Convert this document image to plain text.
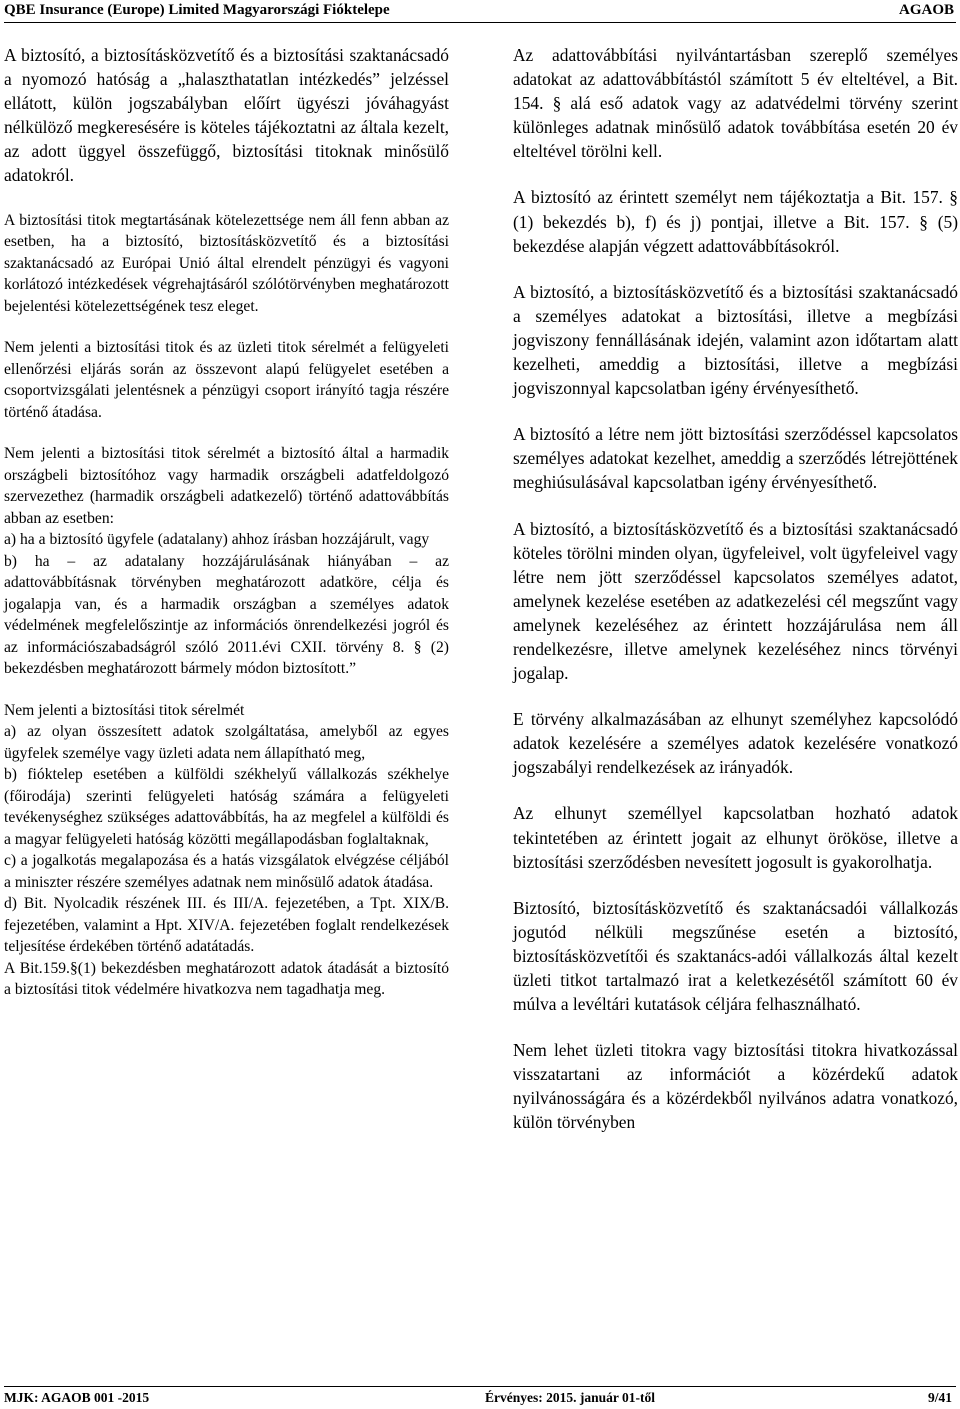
QBE Insurance (Europe) Limited Magyarországi Fióktelepe	AGAOB

A biztosító, a biztosításközvetítő és a biztosítási szaktanácsadó a nyomozó hatóság a „halaszthatatlan intézkedés” jelzéssel ellátott, külön jogszabályban előírt ügyészi jóváhagyást nélkülöző megkeresésére is köteles tájékoztatni az általa kezelt, az adott üggyel összefüggő, biztosítási titoknak minősülő adatokról.

A biztosítási titok megtartásának kötelezettsége nem áll fenn abban az esetben, ha a biztosító, biztosításközvetítő és a biztosítási szaktanácsadó az Európai Unió által elrendelt pénzügyi és vagyoni korlátozó intézkedések végrehajtásáról szólótörvényben meghatározott bejelentési kötelezettségének tesz eleget.

Nem jelenti a biztosítási titok és az üzleti titok sérelmét a felügyeleti ellenőrzési eljárás során az összevont alapú felügyelet esetében a csoportvizsgálati jelentésnek a pénzügyi csoport irányító tagja részére történő átadása.

Nem jelenti a biztosítási titok sérelmét a biztosító által a harmadik országbeli biztosítóhoz vagy harmadik országbeli adatfeldolgozó szervezethez (harmadik országbeli adatkezelő) történő adattovábbítás abban az esetben:
a) ha a biztosító ügyfele (adatalany) ahhoz írásban hozzájárult, vagy
b) ha – az adatalany hozzájárulásának hiányában – az adattovábbításnak törvényben meghatározott adatköre, célja és jogalapja van, és a harmadik országban a személyes adatok védelmének megfelelőszintje az információs önrendelkezési jogról és az információszabadságról szóló 2011.évi CXII. törvény 8. § (2) bekezdésben meghatározott bármely módon biztosított.”

Nem jelenti a biztosítási titok sérelmét
a) az olyan összesített adatok szolgáltatása, amelyből az egyes ügyfelek személye vagy üzleti adata nem állapítható meg,
b) fióktelep esetében a külföldi székhelyű vállalkozás székhelye (főirodája) szerinti felügyeleti hatóság számára a felügyeleti tevékenységhez szükséges adattovábbítás, ha az megfelel a külföldi és a magyar felügyeleti hatóság közötti megállapodásban foglaltaknak,
c) a jogalkotás megalapozása és a hatás vizsgálatok elvégzése céljából a miniszter részére személyes adatnak nem minősülő adatok átadása.
d) Bit. Nyolcadik részének III. és III/A. fejezetében, a Tpt. XIX/B. fejezetében, valamint a Hpt. XIV/A. fejezetében foglalt rendelkezések teljesítése érdekében történő adatátadás.
A Bit.159.§(1) bekezdésben meghatározott adatok átadását a biztosító a biztosítási titok védelmére hivatkozva nem tagadhatja meg.

Az adattovábbítási nyilvántartásban szereplő személyes adatokat az adattovábbítástól számított 5 év elteltével, a Bit. 154. § alá eső adatok vagy az adatvédelmi törvény szerint különleges adatnak minősülő adatok továbbítása esetén 20 év elteltével törölni kell.

A biztosító az érintett személyt nem tájékoztatja a Bit. 157. § (1) bekezdés b), f) és j) pontjai, illetve a Bit. 157. § (5) bekezdése alapján végzett adattovábbításokról.

A biztosító, a biztosításközvetítő és a biztosítási szaktanácsadó a személyes adatokat a biztosítási, illetve a megbízási jogviszony fennállásának idején, valamint azon időtartam alatt kezelheti, ameddig a biztosítási, illetve a megbízási jogviszonnyal kapcsolatban igény érvényesíthető.

A biztosító a létre nem jött biztosítási szerződéssel kapcsolatos személyes adatokat kezelhet, ameddig a szerződés létrejöttének meghiúsulásával kapcsolatban igény érvényesíthető.

A biztosító, a biztosításközvetítő és a biztosítási szaktanácsadó köteles törölni minden olyan, ügyfeleivel, volt ügyfeleivel vagy létre nem jött szerződéssel kapcsolatos személyes adatot, amelynek kezelése esetében az adatkezelési cél megszűnt vagy amelynek kezeléséhez az érintett hozzájárulása nem áll rendelkezésre, illetve amelynek kezeléséhez nincs törvényi jogalap.

E törvény alkalmazásában az elhunyt személyhez kapcsolódó adatok kezelésére a személyes adatok kezelésére vonatkozó jogszabályi rendelkezések az irányadók.

Az elhunyt személlyel kapcsolatban hozható adatok tekintetében az érintett jogait az elhunyt örököse, illetve a biztosítási szerződésben nevesített jogosult is gyakorolhatja.

Biztosító, biztosításközvetítő és szaktanácsadói vállalkozás jogutód nélküli megszűnése esetén a biztosító, biztosításközvetítői és szaktanács-adói vállalkozás által kezelt üzleti titkot tartalmazó irat a keletkezésétől számított 60 év múlva a levéltári kutatások céljára felhasználható.

Nem lehet üzleti titokra vagy biztosítási titokra hivatkozással visszatartani az információt a közérdekű adatok nyilvánosságára és a közérdekből nyilvános adatra vonatkozó, külön törvényben

MJK: AGAOB 001 -2015	Érvényes: 2015. január 01-től	9/41
